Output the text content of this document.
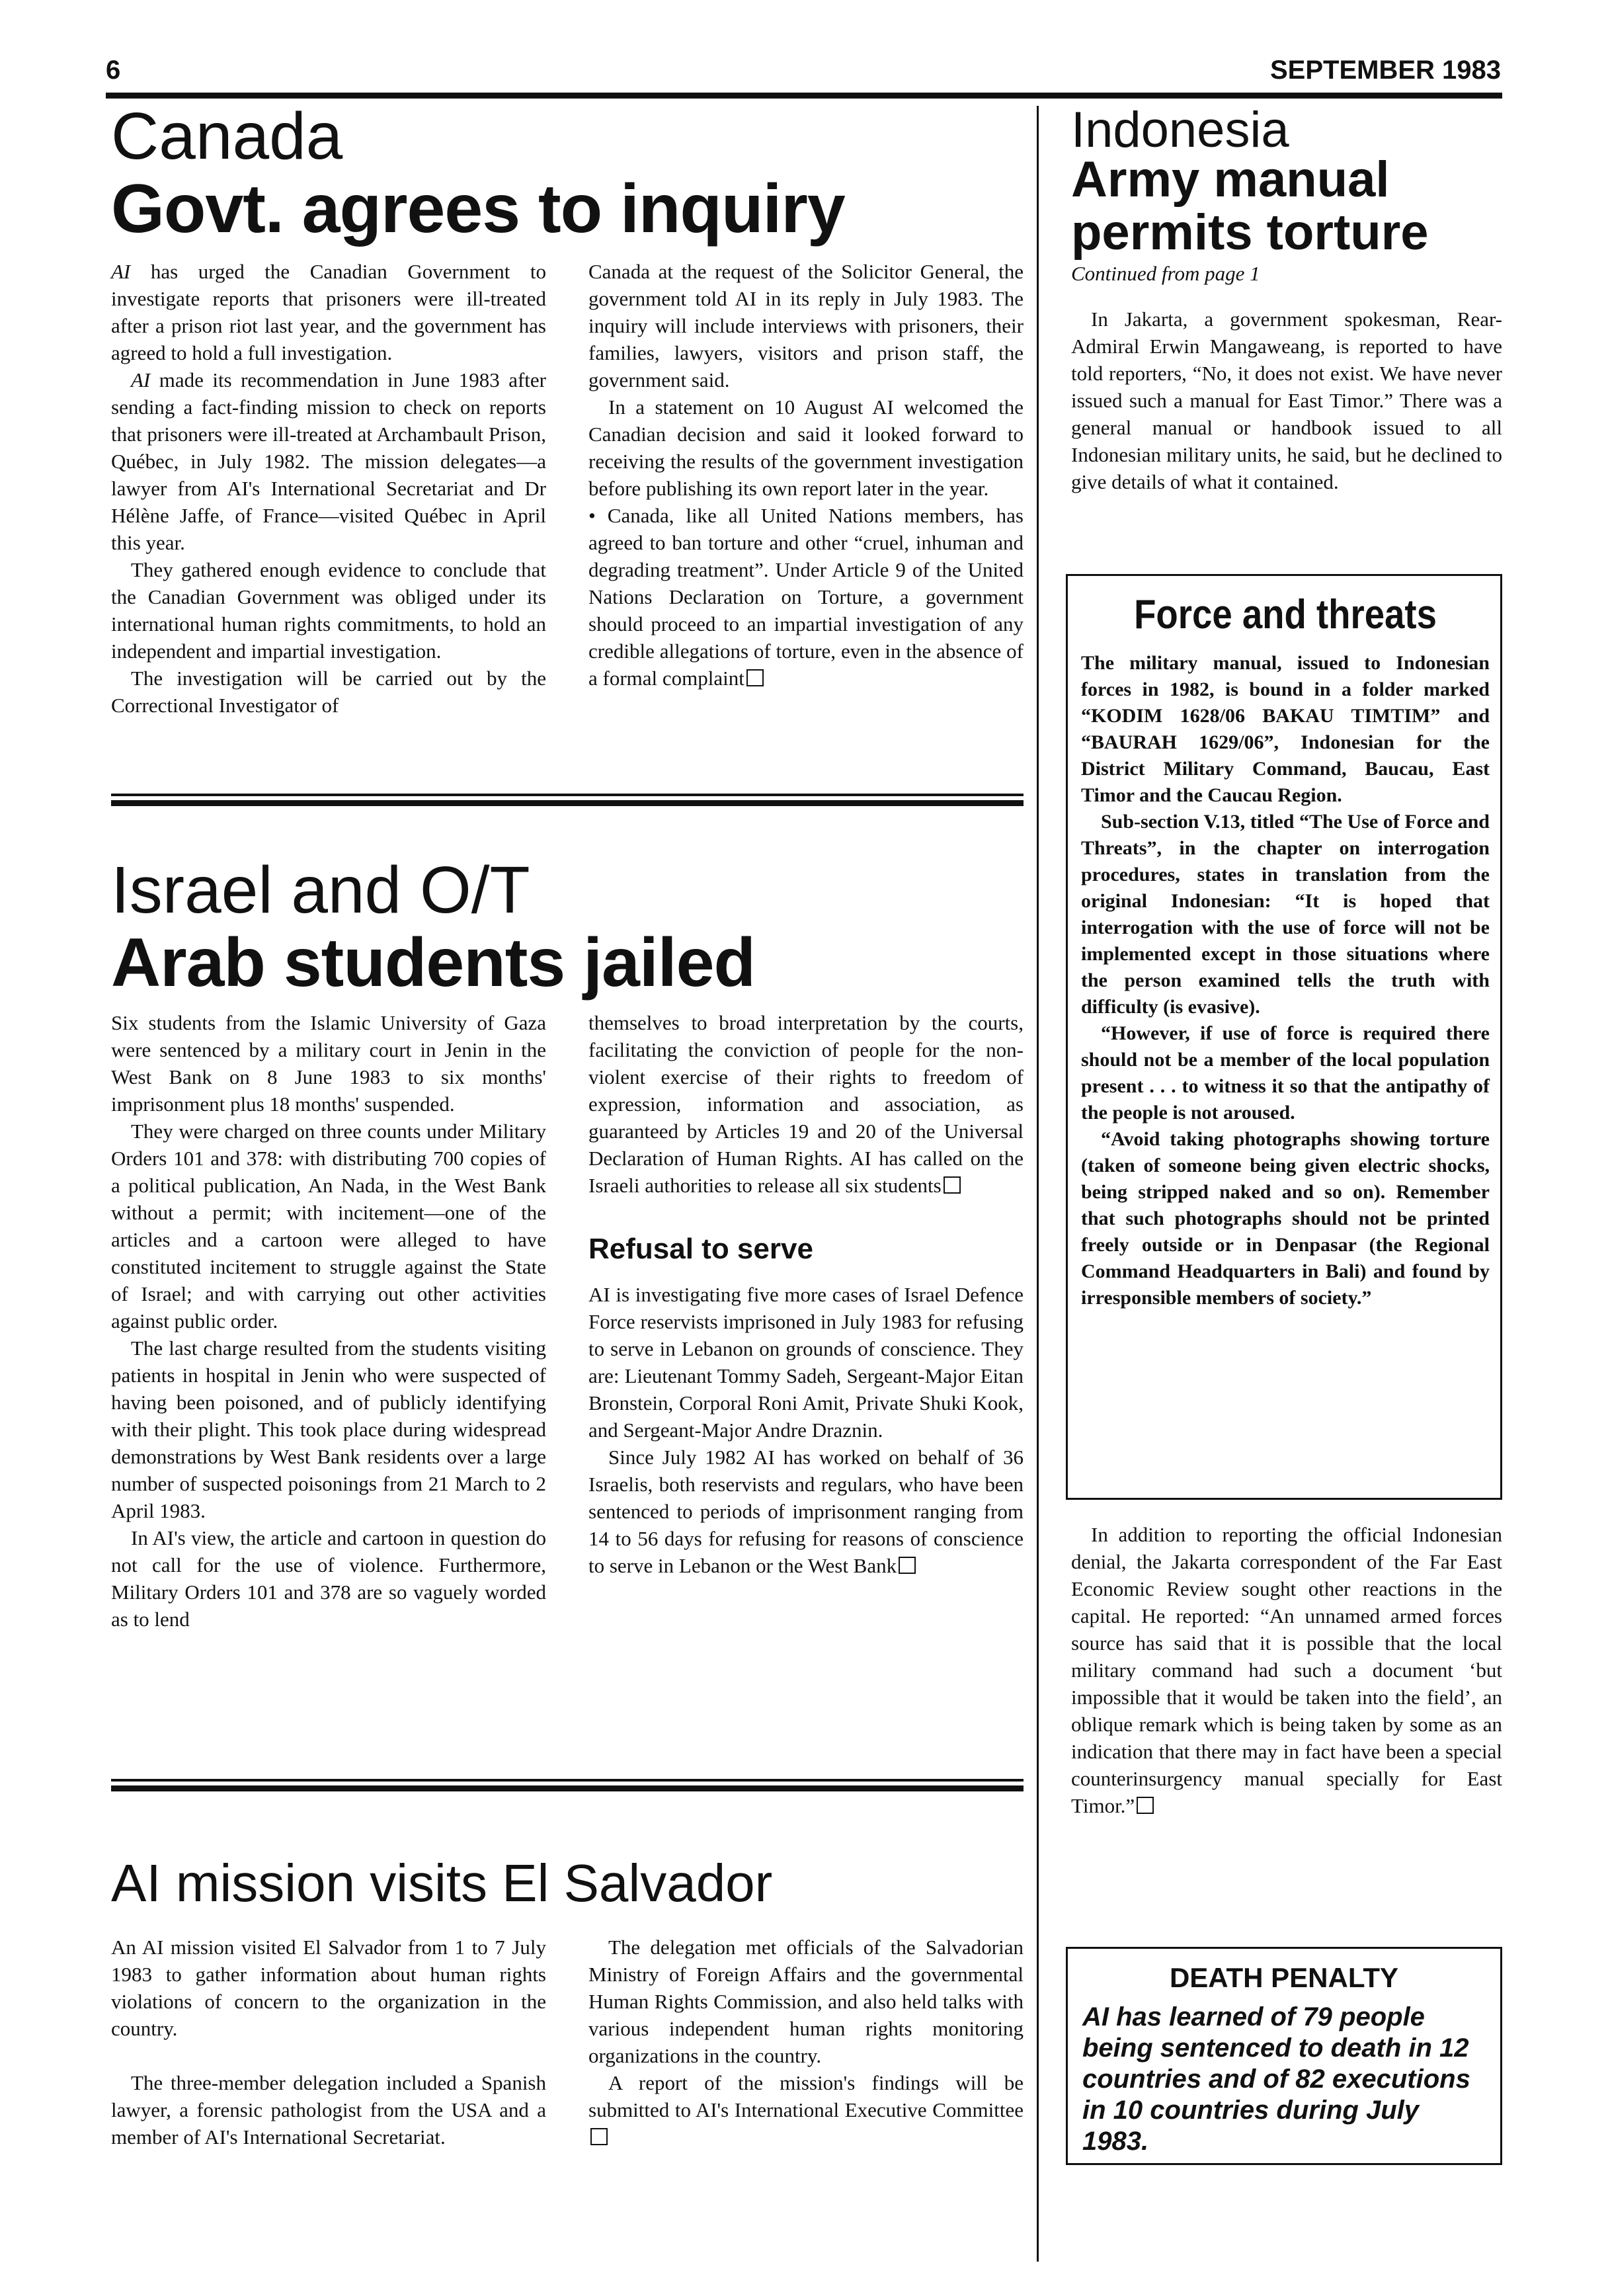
6	SEPTEMBER 1983
Canada
Govt. agrees to inquiry

AI has urged the Canadian Government to investigate reports that prisoners were ill-treated after a prison riot last year, and the government has agreed to hold a full investigation.

AI made its recommendation in June 1983 after sending a fact-finding mission to check on reports that prisoners were ill-treated at Archambault Prison, Québec, in July 1982. The mission delegates—a lawyer from AI's International Secretariat and Dr Hélène Jaffe, of France—visited Québec in April this year.

They gathered enough evidence to conclude that the Canadian Government was obliged under its international human rights commitments, to hold an independent and impartial investigation.

The investigation will be carried out by the Correctional Investigator of

Canada at the request of the Solicitor General, the government told AI in its reply in July 1983. The inquiry will include interviews with prisoners, their families, lawyers, visitors and prison staff, the government said.

In a statement on 10 August AI welcomed the Canadian decision and said it looked forward to receiving the results of the government investigation before publishing its own report later in the year.

• Canada, like all United Nations members, has agreed to ban torture and other “cruel, inhuman and degrading treatment”. Under Article 9 of the United Nations Declaration on Torture, a government should proceed to an impartial investigation of any credible allegations of torture, even in the absence of a formal complaint

Israel and O/T
Arab students jailed

Six students from the Islamic University of Gaza were sentenced by a military court in Jenin in the West Bank on 8 June 1983 to six months' imprisonment plus 18 months' suspended.

They were charged on three counts under Military Orders 101 and 378: with distributing 700 copies of a political publication, An Nada, in the West Bank without a permit; with incitement—one of the articles and a cartoon were alleged to have constituted incitement to struggle against the State of Israel; and with carrying out other activities against public order.

The last charge resulted from the students visiting patients in hospital in Jenin who were suspected of having been poisoned, and of publicly identifying with their plight. This took place during widespread demonstrations by West Bank residents over a large number of suspected poisonings from 21 March to 2 April 1983.

In AI's view, the article and cartoon in question do not call for the use of violence. Furthermore, Military Orders 101 and 378 are so vaguely worded as to lend

themselves to broad interpretation by the courts, facilitating the conviction of people for the non-violent exercise of their rights to freedom of expression, information and association, as guaranteed by Articles 19 and 20 of the Universal Declaration of Human Rights. AI has called on the Israeli authorities to release all six students

Refusal to serve

AI is investigating five more cases of Israel Defence Force reservists imprisoned in July 1983 for refusing to serve in Lebanon on grounds of conscience. They are: Lieutenant Tommy Sadeh, Sergeant-Major Eitan Bronstein, Corporal Roni Amit, Private Shuki Kook, and Sergeant-Major Andre Draznin.

Since July 1982 AI has worked on behalf of 36 Israelis, both reservists and regulars, who have been sentenced to periods of imprisonment ranging from 14 to 56 days for refusing for reasons of conscience to serve in Lebanon or the West Bank

AI mission visits El Salvador

An AI mission visited El Salvador from 1 to 7 July 1983 to gather information about human rights violations of concern to the organization in the country.

The three-member delegation included a Spanish lawyer, a forensic pathologist from the USA and a member of AI's International Secretariat.

The delegation met officials of the Salvadorian Ministry of Foreign Affairs and the governmental Human Rights Commission, and also held talks with various independent human rights monitoring organizations in the country.

A report of the mission's findings will be submitted to AI's International Executive Committee

Indonesia
Army manual permits torture
Continued from page 1

In Jakarta, a government spokesman, Rear-Admiral Erwin Mangaweang, is reported to have told reporters, “No, it does not exist. We have never issued such a manual for East Timor.” There was a general manual or handbook issued to all Indonesian military units, he said, but he declined to give details of what it contained.

Force and threats

The military manual, issued to Indonesian forces in 1982, is bound in a folder marked “KODIM 1628/06 BAKAU TIMTIM” and “BAURAH 1629/06”, Indonesian for the District Military Command, Baucau, East Timor and the Caucau Region.

Sub-section V.13, titled “The Use of Force and Threats”, in the chapter on interrogation procedures, states in translation from the original Indonesian: “It is hoped that interrogation with the use of force will not be implemented except in those situations where the person examined tells the truth with difficulty (is evasive).

“However, if use of force is required there should not be a member of the local population present . . . to witness it so that the antipathy of the people is not aroused.

“Avoid taking photographs showing torture (taken of someone being given electric shocks, being stripped naked and so on). Remember that such photographs should not be printed freely outside or in Denpasar (the Regional Command Headquarters in Bali) and found by irresponsible members of society.”

In addition to reporting the official Indonesian denial, the Jakarta correspondent of the Far East Economic Review sought other reactions in the capital. He reported: “An unnamed armed forces source has said that it is possible that the local military command had such a document ‘but impossible that it would be taken into the field’, an oblique remark which is being taken by some as an indication that there may in fact have been a special counterinsurgency manual specially for East Timor.”

DEATH PENALTY
AI has learned of 79 people being sentenced to death in 12 countries and of 82 executions in 10 countries during July 1983.
